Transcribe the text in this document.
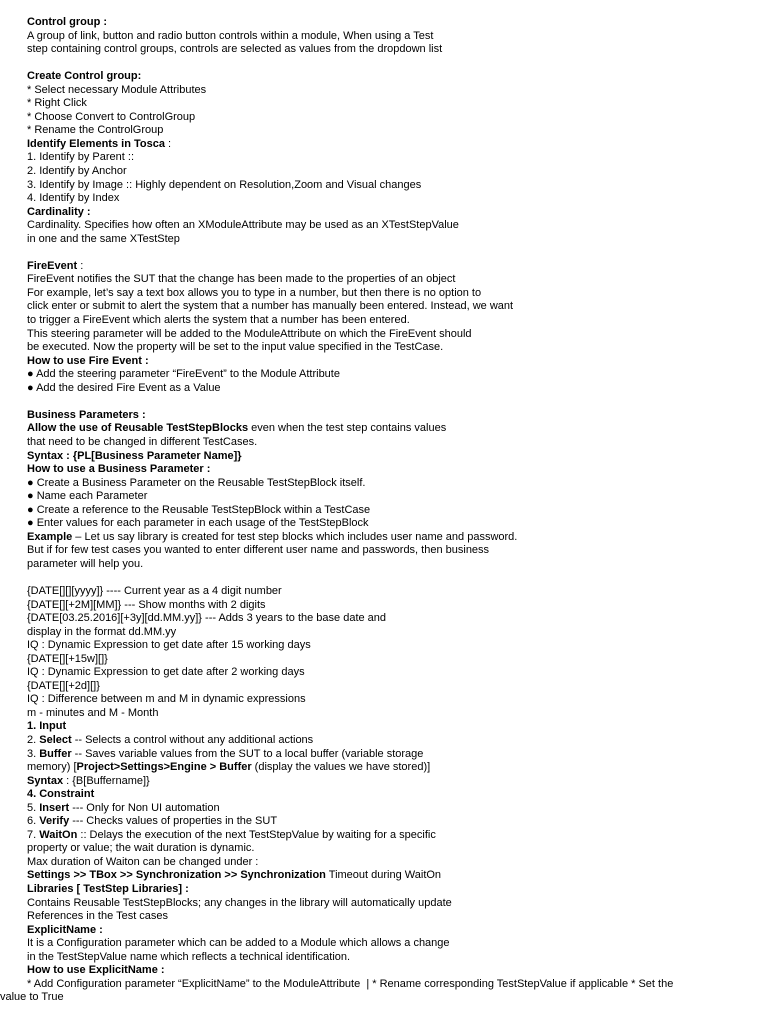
Control group :
A group of link, button and radio button controls within a module, When using a Test
step containing control groups, controls are selected as values from the dropdown list
Create Control group:
* Select necessary Module Attributes
* Right Click
* Choose Convert to ControlGroup
* Rename the ControlGroup
Identify Elements in Tosca :
1. Identify by Parent ::
2. Identify by Anchor
3. Identify by Image :: Highly dependent on Resolution,Zoom and Visual changes
4. Identify by Index
Cardinality :
Cardinality. Specifies how often an XModuleAttribute may be used as an XTestStepValue
in one and the same XTestStep
FireEvent :
FireEvent notifies the SUT that the change has been made to the properties of an object
For example, let’s say a text box allows you to type in a number, but then there is no option to
click enter or submit to alert the system that a number has manually been entered. Instead, we want
to trigger a FireEvent which alerts the system that a number has been entered.
This steering parameter will be added to the ModuleAttribute on which the FireEvent should
be executed. Now the property will be set to the input value specified in the TestCase.
How to use Fire Event :
● Add the steering parameter “FireEvent” to the Module Attribute
● Add the desired Fire Event as a Value
Business Parameters :
Allow the use of Reusable TestStepBlocks even when the test step contains values
that need to be changed in different TestCases.
Syntax : {PL[Business Parameter Name]}
How to use a Business Parameter :
● Create a Business Parameter on the Reusable TestStepBlock itself.
● Name each Parameter
● Create a reference to the Reusable TestStepBlock within a TestCase
● Enter values for each parameter in each usage of the TestStepBlock
Example – Let us say library is created for test step blocks which includes user name and password.
But if for few test cases you wanted to enter different user name and passwords, then business
parameter will help you.
{DATE[][][yyyy]} ---- Current year as a 4 digit number
{DATE[][+2M][MM]} --- Show months with 2 digits
{DATE[03.25.2016][+3y][dd.MM.yy]} --- Adds 3 years to the base date and
display in the format dd.MM.yy
IQ : Dynamic Expression to get date after 15 working days
{DATE[][+15w][]}
IQ : Dynamic Expression to get date after 2 working days
{DATE[][+2d][]}
IQ : Difference between m and M in dynamic expressions
m - minutes and M - Month
1. Input
2. Select -- Selects a control without any additional actions
3. Buffer -- Saves variable values from the SUT to a local buffer (variable storage
memory) [Project>Settings>Engine > Buffer (display the values we have stored)]
Syntax : {B[Buffername]}
4. Constraint
5. Insert --- Only for Non UI automation
6. Verify --- Checks values of properties in the SUT
7. WaitOn :: Delays the execution of the next TestStepValue by waiting for a specific
property or value; the wait duration is dynamic.
Max duration of Waiton can be changed under :
Settings >> TBox >> Synchronization >> Synchronization Timeout during WaitOn
Libraries [ TestStep Libraries] :
Contains Reusable TestStepBlocks; any changes in the library will automatically update
References in the Test cases
ExplicitName :
It is a Configuration parameter which can be added to a Module which allows a change
in the TestStepValue name which reflects a technical identification.
How to use ExplicitName :
* Add Configuration parameter “ExplicitName” to the ModuleAttribute  | * Rename corresponding TestStepValue if applicable * Set the
value to True
